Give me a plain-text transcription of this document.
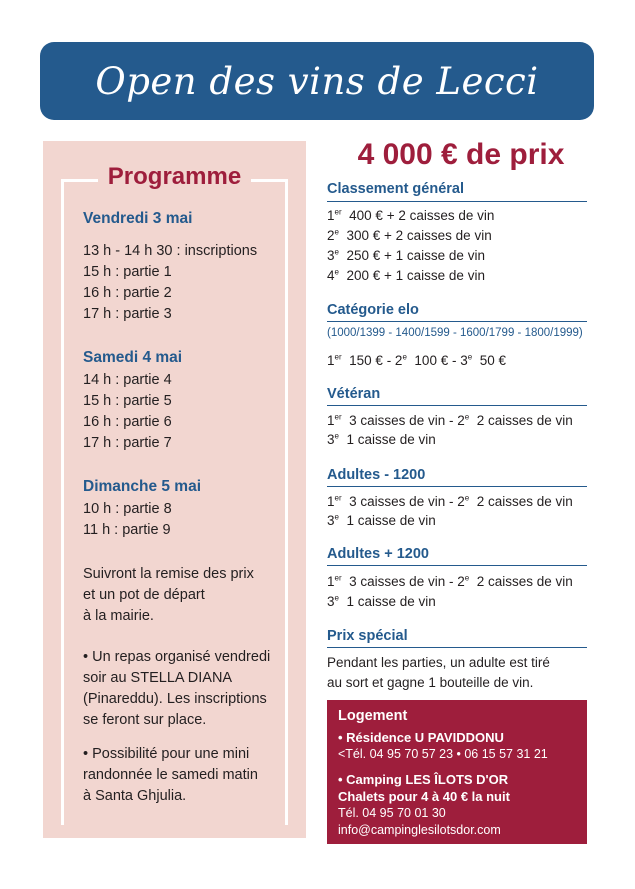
Open des vins de Lecci
Programme
Vendredi 3 mai
13 h - 14 h 30 : inscriptions
15 h : partie 1
16 h : partie 2
17 h : partie 3
Samedi 4 mai
14 h : partie 4
15 h : partie 5
16 h : partie 6
17 h : partie 7
Dimanche 5 mai
10 h : partie 8
11 h : partie 9
Suivront la remise des prix
et un pot de départ
à la mairie.
• Un repas organisé vendredi
soir au STELLA DIANA
(Pinareddu). Les inscriptions
se feront sur place.
• Possibilité pour une mini
randonnée le samedi matin
à Santa Ghjulia.
4 000 € de prix
Classement général
1er 400 € + 2 caisses de vin
2e 300 € + 2 caisses de vin
3e 250 € + 1 caisse de vin
4e 200 € + 1 caisse de vin
Catégorie elo
(1000/1399 - 1400/1599 - 1600/1799 - 1800/1999)
1er 150 € - 2e 100 € - 3e 50 €
Vétéran
1er 3 caisses de vin - 2e 2 caisses de vin
3e 1 caisse de vin
Adultes - 1200
1er 3 caisses de vin - 2e 2 caisses de vin
3e 1 caisse de vin
Adultes + 1200
1er 3 caisses de vin - 2e 2 caisses de vin
3e 1 caisse de vin
Prix spécial
Pendant les parties, un adulte est tiré
au sort et gagne 1 bouteille de vin.
Logement
• Résidence U PAVIDDONU
<Tél. 04 95 70 57 23 • 06 15 57 31 21
• Camping LES ÎLOTS D'OR
Chalets pour 4 à 40 € la nuit
Tél. 04 95 70 01 30
info@campinglesilotsdor.com
